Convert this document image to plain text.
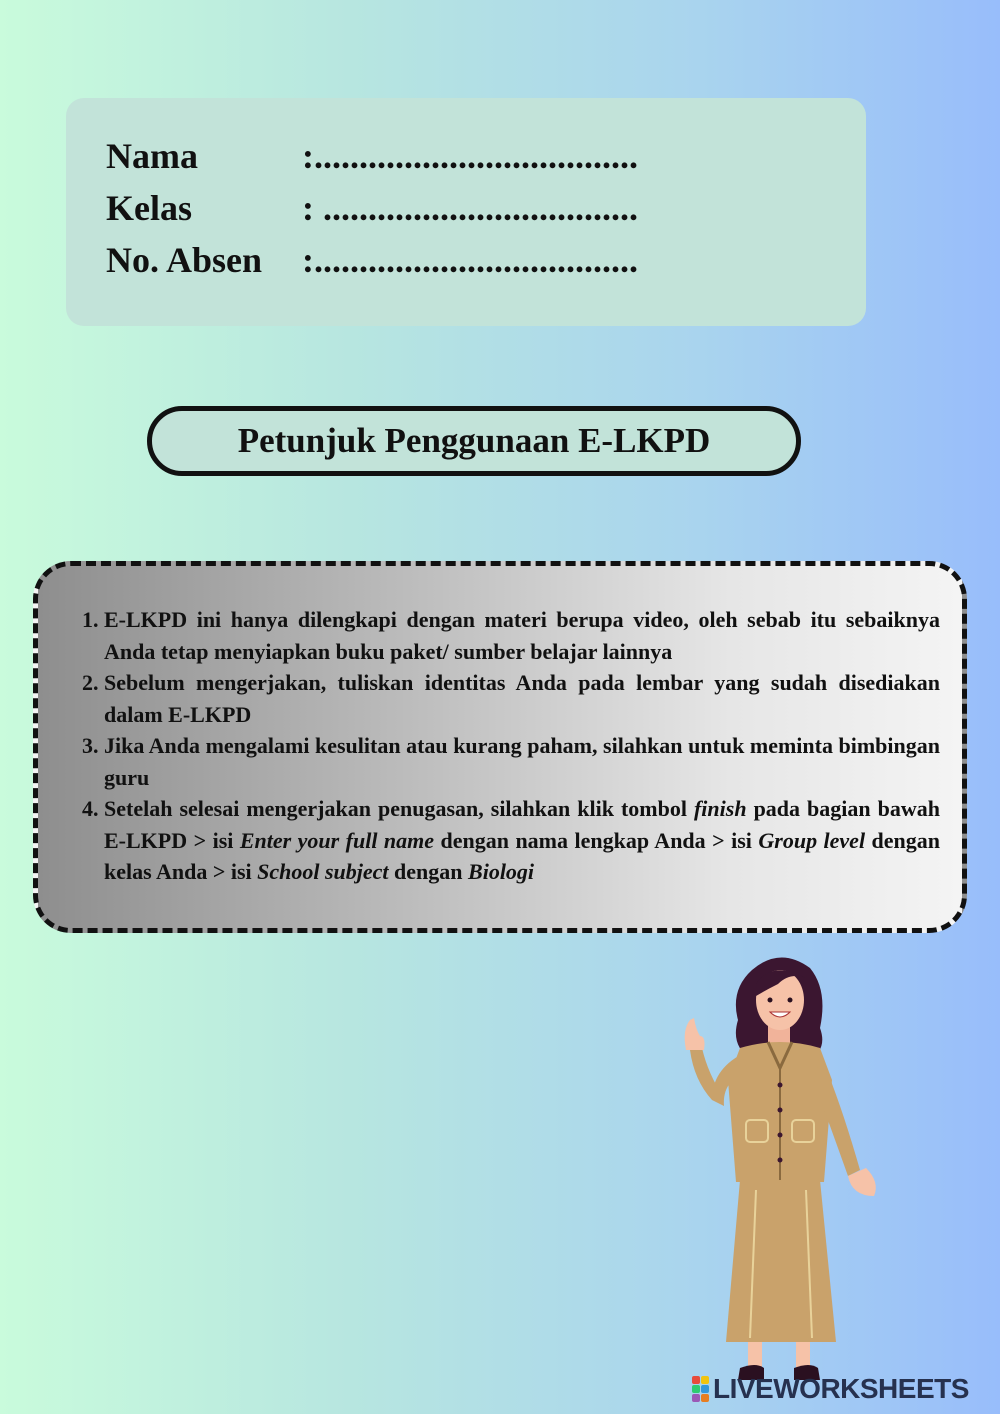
Nama	:....................................
Kelas	: ...................................
No. Absen :....................................
Petunjuk Penggunaan E-LKPD
1. E-LKPD ini hanya dilengkapi dengan materi berupa video, oleh sebab itu sebaiknya Anda tetap menyiapkan buku paket/ sumber belajar lainnya
2. Sebelum mengerjakan, tuliskan identitas Anda pada lembar yang sudah disediakan dalam E-LKPD
3. Jika Anda mengalami kesulitan atau kurang paham, silahkan untuk meminta bimbingan guru
4. Setelah selesai mengerjakan penugasan, silahkan klik tombol finish pada bagian bawah E-LKPD > isi Enter your full name dengan nama lengkap Anda > isi Group level dengan kelas Anda > isi School subject dengan Biologi
LIVEWORKSHEETS
